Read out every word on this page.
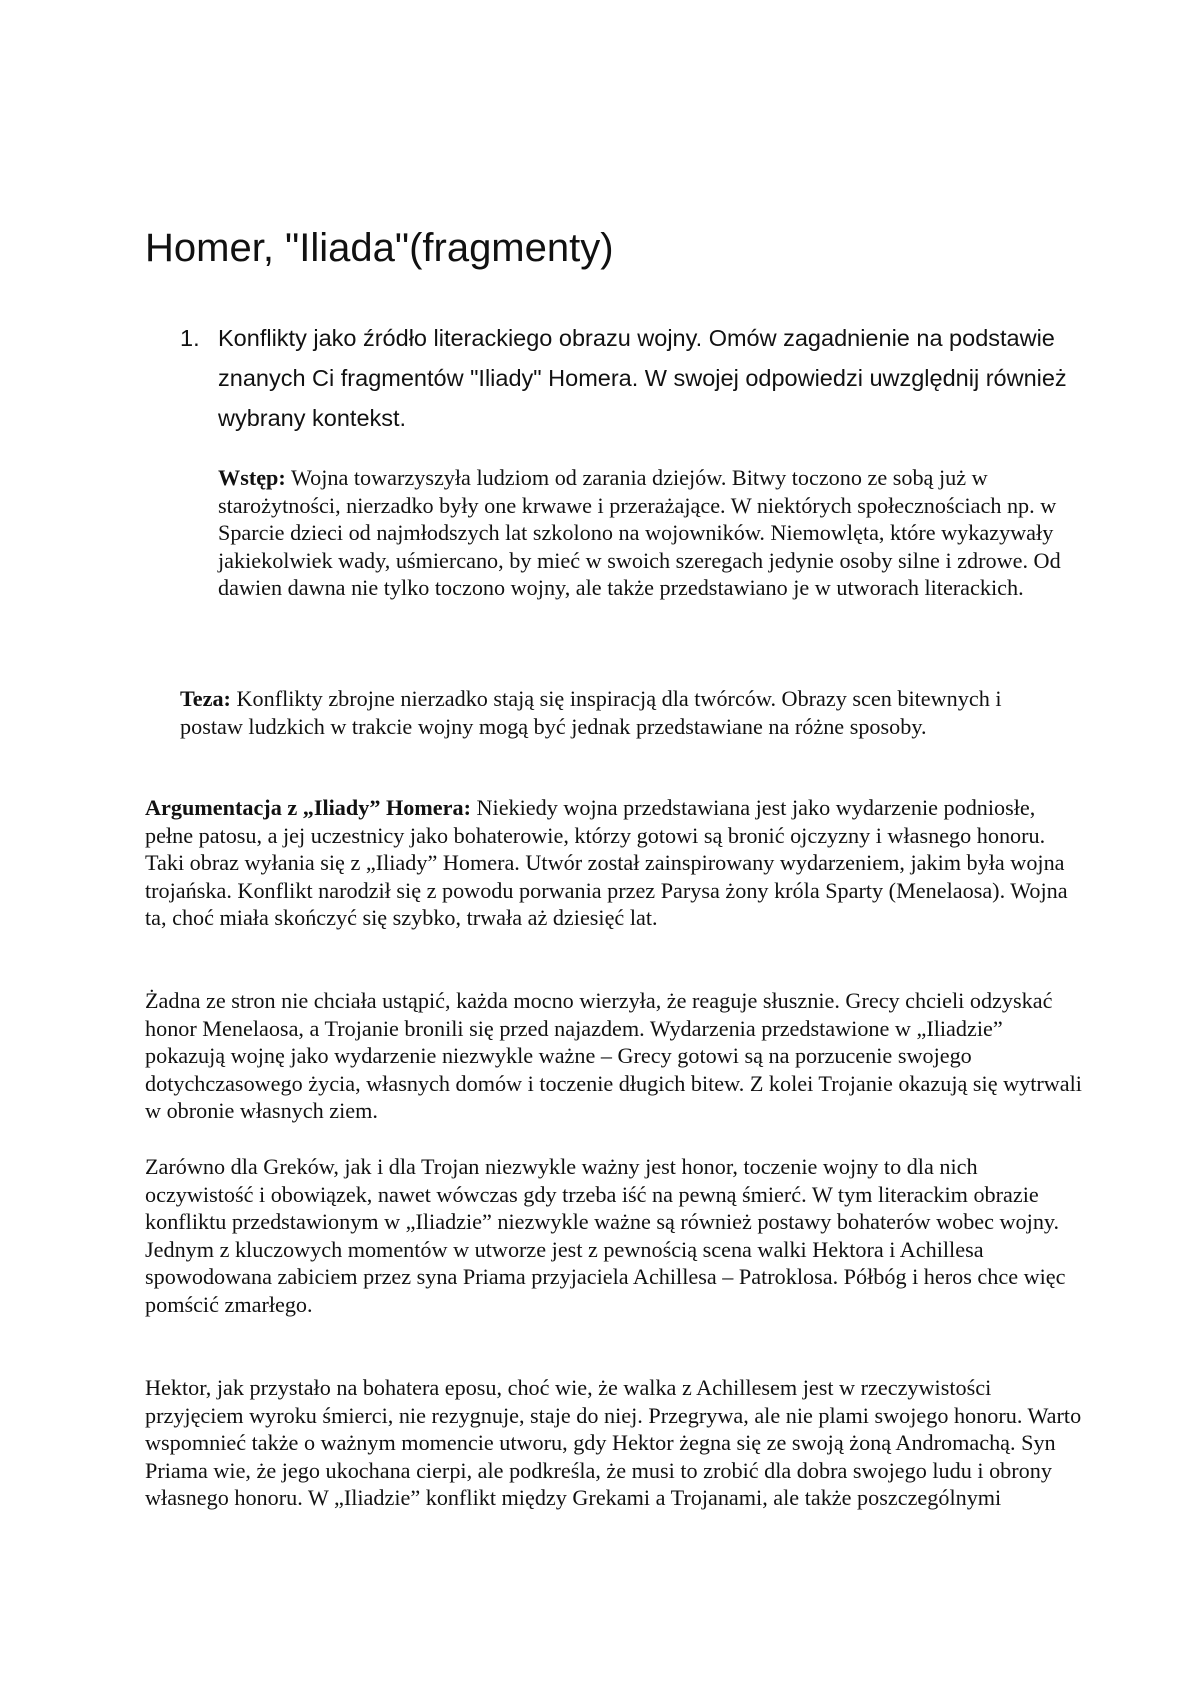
Homer, "Iliada"(fragmenty)
1. Konflikty jako źródło literackiego obrazu wojny. Omów zagadnienie na podstawie znanych Ci fragmentów "Iliady" Homera. W swojej odpowiedzi uwzględnij również wybrany kontekst.

Wstęp: Wojna towarzyszyła ludziom od zarania dziejów. Bitwy toczono ze sobą już w starożytności, nierzadko były one krwawe i przerażające. W niektórych społecznościach np. w Sparcie dzieci od najmłodszych lat szkolono na wojowników. Niemowlęta, które wykazywały jakiekolwiek wady, uśmiercano, by mieć w swoich szeregach jedynie osoby silne i zdrowe. Od dawien dawna nie tylko toczono wojny, ale także przedstawiano je w utworach literackich.

Teza: Konflikty zbrojne nierzadko stają się inspiracją dla twórców. Obrazy scen bitewnych i postaw ludzkich w trakcie wojny mogą być jednak przedstawiane na różne sposoby.

Argumentacja z „Iliady” Homera: Niekiedy wojna przedstawiana jest jako wydarzenie podniosłe, pełne patosu, a jej uczestnicy jako bohaterowie, którzy gotowi są bronić ojczyzny i własnego honoru. Taki obraz wyłania się z „Iliady” Homera. Utwór został zainspirowany wydarzeniem, jakim była wojna trojańska. Konflikt narodził się z powodu porwania przez Parysa żony króla Sparty (Menelaosa). Wojna ta, choć miała skończyć się szybko, trwała aż dziesięć lat.

Żadna ze stron nie chciała ustąpić, każda mocno wierzyła, że reaguje słusznie. Grecy chcieli odzyskać honor Menelaosa, a Trojanie bronili się przed najazdem. Wydarzenia przedstawione w „Iliadzie” pokazują wojnę jako wydarzenie niezwykle ważne – Grecy gotowi są na porzucenie swojego dotychczasowego życia, własnych domów i toczenie długich bitew. Z kolei Trojanie okazują się wytrwali w obronie własnych ziem.

Zarówno dla Greków, jak i dla Trojan niezwykle ważny jest honor, toczenie wojny to dla nich oczywistość i obowiązek, nawet wówczas gdy trzeba iść na pewną śmierć. W tym literackim obrazie konfliktu przedstawionym w „Iliadzie” niezwykle ważne są również postawy bohaterów wobec wojny. Jednym z kluczowych momentów w utworze jest z pewnością scena walki Hektora i Achillesa spowodowana zabiciem przez syna Priama przyjaciela Achillesa – Patroklosa. Półbóg i heros chce więc pomścić zmarłego.

Hektor, jak przystało na bohatera eposu, choć wie, że walka z Achillesem jest w rzeczywistości przyjęciem wyroku śmierci, nie rezygnuje, staje do niej. Przegrywa, ale nie plami swojego honoru. Warto wspomnieć także o ważnym momencie utworu, gdy Hektor żegna się ze swoją żoną Andromachą. Syn Priama wie, że jego ukochana cierpi, ale podkreśla, że musi to zrobić dla dobra swojego ludu i obrony własnego honoru. W „Iliadzie” konflikt między Grekami a Trojanami, ale także poszczególnymi
